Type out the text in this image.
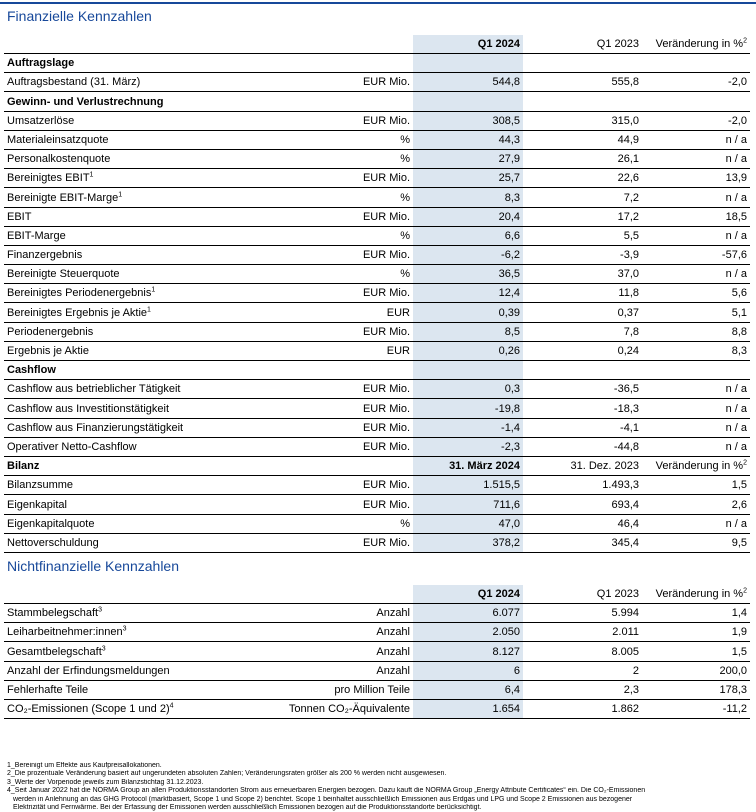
Finanzielle Kennzahlen
		Q1 2024	Q1 2023	Veränderung in %$^2$
Auftragslage				
Auftragsbestand (31. März)	EUR Mio.	544,8	555,8	-2,0
Gewinn- und Verlustrechnung				
Umsatzerlöse	EUR Mio.	308,5	315,0	-2,0
Materialeinsatzquote	%	44,3	44,9	n / a
Personalkostenquote	%	27,9	26,1	n / a
Bereinigtes EBIT$^1$	EUR Mio.	25,7	22,6	13,9
Bereinigte EBIT-Marge$^1$	%	8,3	7,2	n / a
EBIT	EUR Mio.	20,4	17,2	18,5
EBIT-Marge	%	6,6	5,5	n / a
Finanzergebnis	EUR Mio.	-6,2	-3,9	-57,6
Bereinigte Steuerquote	%	36,5	37,0	n / a
Bereinigtes Periodenergebnis$^1$	EUR Mio.	12,4	11,8	5,6
Bereinigtes Ergebnis je Aktie$^1$	EUR	0,39	0,37	5,1
Periodenergebnis	EUR Mio.	8,5	7,8	8,8
Ergebnis je Aktie	EUR	0,26	0,24	8,3
Cashflow				
Cashflow aus betrieblicher Tätigkeit	EUR Mio.	0,3	-36,5	n / a
Cashflow aus Investitionstätigkeit	EUR Mio.	-19,8	-18,3	n / a
Cashflow aus Finanzierungstätigkeit	EUR Mio.	-1,4	-4,1	n / a
Operativer Netto-Cashflow	EUR Mio.	-2,3	-44,8	n / a
Bilanz		31. März 2024	31. Dez. 2023	Veränderung in %$^2$
Bilanzsumme	EUR Mio.	1.515,5	1.493,3	1,5
Eigenkapital	EUR Mio.	711,6	693,4	2,6
Eigenkapitalquote	%	47,0	46,4	n / a
Nettoverschuldung	EUR Mio.	378,2	345,4	9,5
Nichtfinanzielle Kennzahlen
		Q1 2024	Q1 2023	Veränderung in %$^2$
Stammbelegschaft$^3$	Anzahl	6.077	5.994	1,4
Leiharbeitnehmer:innen$^3$	Anzahl	2.050	2.011	1,9
Gesamtbelegschaft$^3$	Anzahl	8.127	8.005	1,5
Anzahl der Erfindungsmeldungen	Anzahl	6	2	200,0
Fehlerhafte Teile	pro Million Teile	6,4	2,3	178,3
CO₂-Emissionen (Scope 1 und 2)$^4$	Tonnen CO₂-Äquivalente	1.654	1.862	-11,2
1_Bereinigt um Effekte aus Kaufpreisallokationen.
2_Die prozentuale Veränderung basiert auf ungerundeten absoluten Zahlen; Veränderungsraten größer als 200 % werden nicht ausgewiesen.
3_Werte der Vorperiode jeweils zum Bilanzstichtag 31.12.2023.
4_Seit Januar 2022 hat die NORMA Group an allen Produktionsstandorten Strom aus erneuerbaren Energien bezogen. Dazu kauft die NORMA Group „Energy Attribute Certificates“ ein. Die CO₂-Emissionen
werden in Anlehnung an das GHG Protocol (marktbasiert, Scope 1 und Scope 2) berichtet. Scope 1 beinhaltet ausschließlich Emissionen aus Erdgas und LPG und Scope 2 Emissionen aus bezogener
Elektrizität und Fernwärme. Bei der Erfassung der Emissionen werden ausschließlich Emissionen bezogen auf die Produktionsstandorte berücksichtigt.
